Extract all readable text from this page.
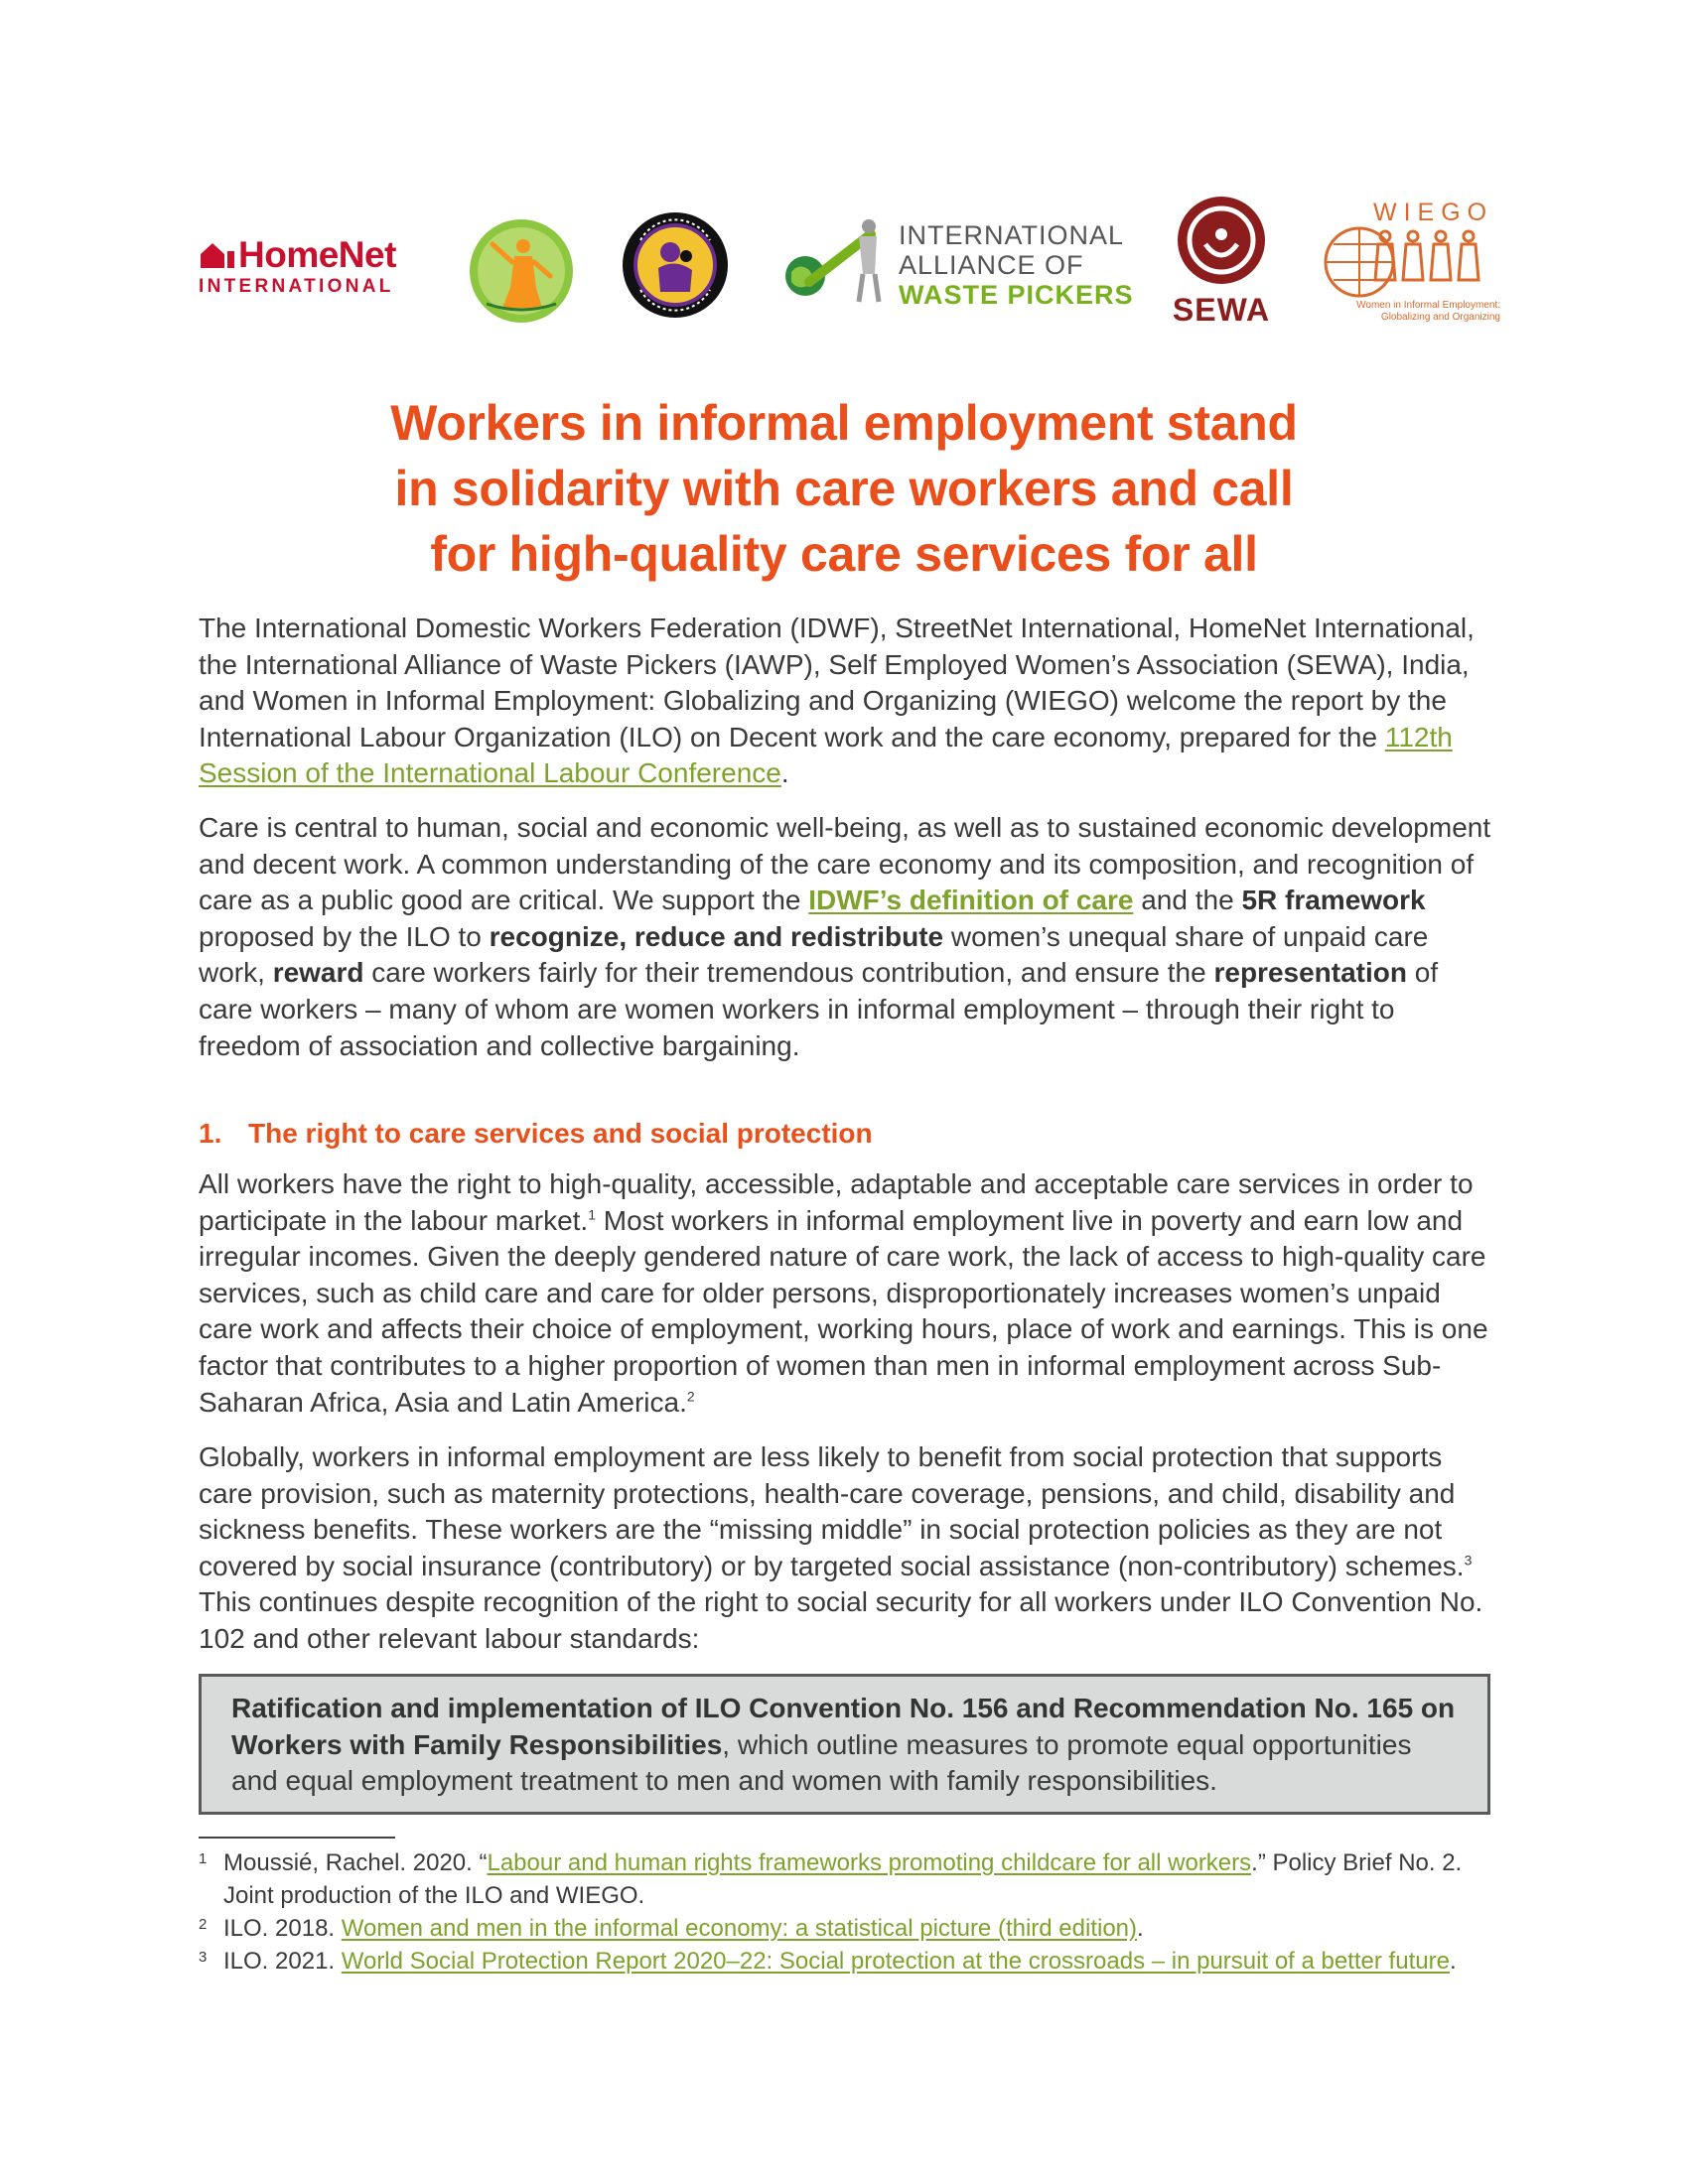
HomeNet
INTERNATIONAL
INTERNATIONAL
ALLIANCE OF
WASTE PICKERS SEWA

WIEGO
Women in Informal Employment:
Globalizing and Organizing
Workers in informal employment stand
in solidarity with care workers and call
for high-quality care services for all

The International Domestic Workers Federation (IDWF), StreetNet International, HomeNet International, the International Alliance of Waste Pickers (IAWP), Self Employed Women’s Association (SEWA), India, and Women in Informal Employment: Globalizing and Organizing (WIEGO) welcome the report by the International Labour Organization (ILO) on Decent work and the care economy, prepared for the 112th Session of the International Labour Conference.

Care is central to human, social and economic well-being, as well as to sustained economic development and decent work. A common understanding of the care economy and its composition, and recognition of care as a public good are critical. We support the IDWF’s definition of care and the 5R framework proposed by the ILO to recognize, reduce and redistribute women’s unequal share of unpaid care work, reward care workers fairly for their tremendous contribution, and ensure the representation of care workers – many of whom are women workers in informal employment – through their right to freedom of association and collective bargaining.

1. The right to care services and social protection

All workers have the right to high-quality, accessible, adaptable and acceptable care services in order to participate in the labour market.$^1$ Most workers in informal employment live in poverty and earn low and irregular incomes. Given the deeply gendered nature of care work, the lack of access to high-quality care services, such as child care and care for older persons, disproportionately increases women’s unpaid care work and affects their choice of employment, working hours, place of work and earnings. This is one factor that contributes to a higher proportion of women than men in informal employment across Sub-Saharan Africa, Asia and Latin America.$^2$

Globally, workers in informal employment are less likely to benefit from social protection that supports care provision, such as maternity protections, health-care coverage, pensions, and child, disability and sickness benefits. These workers are the “missing middle” in social protection policies as they are not covered by social insurance (contributory) or by targeted social assistance (non-contributory) schemes.$^3$ This continues despite recognition of the right to social security for all workers under ILO Convention No. 102 and other relevant labour standards:

Ratification and implementation of ILO Convention No. 156 and Recommendation No. 165 on Workers with Family Responsibilities, which outline measures to promote equal opportunities and equal employment treatment to men and women with family responsibilities.
1 Moussié, Rachel. 2020. “Labour and human rights frameworks promoting childcare for all workers.” Policy Brief No. 2. Joint production of the ILO and WIEGO.
2 ILO. 2018. Women and men in the informal economy: a statistical picture (third edition).
3 ILO. 2021. World Social Protection Report 2020–22: Social protection at the crossroads – in pursuit of a better future.
